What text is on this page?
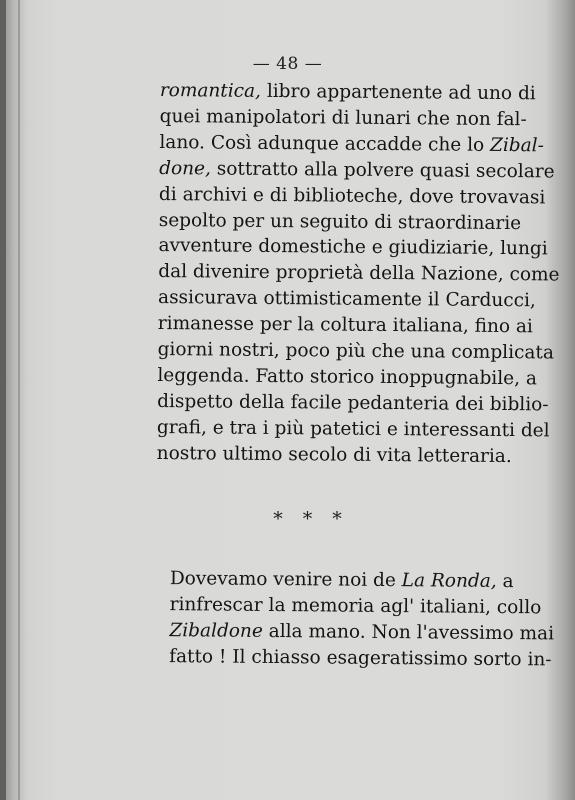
— 48 —
romantica, libro appartenente ad uno di
quei manipolatori di lunari che non fal-
lano. Così adunque accadde che lo Zibal-
done, sottratto alla polvere quasi secolare
di archivi e di biblioteche, dove trovavasi
sepolto per un seguito di straordinarie
avventure domestiche e giudiziarie, lungi
dal divenire proprietà della Nazione, come
assicurava ottimisticamente il Carducci,
rimanesse per la coltura italiana, fino ai
giorni nostri, poco più che una complicata
leggenda. Fatto storico inoppugnabile, a
dispetto della facile pedanteria dei biblio-
grafi, e tra i più patetici e interessanti del
nostro ultimo secolo di vita letteraria.
* * *
Dovevamo venire noi de La Ronda, a
rinfrescar la memoria agl' italiani, collo
Zibaldone alla mano. Non l'avessimo mai
fatto ! Il chiasso esageratissimo sorto in-
